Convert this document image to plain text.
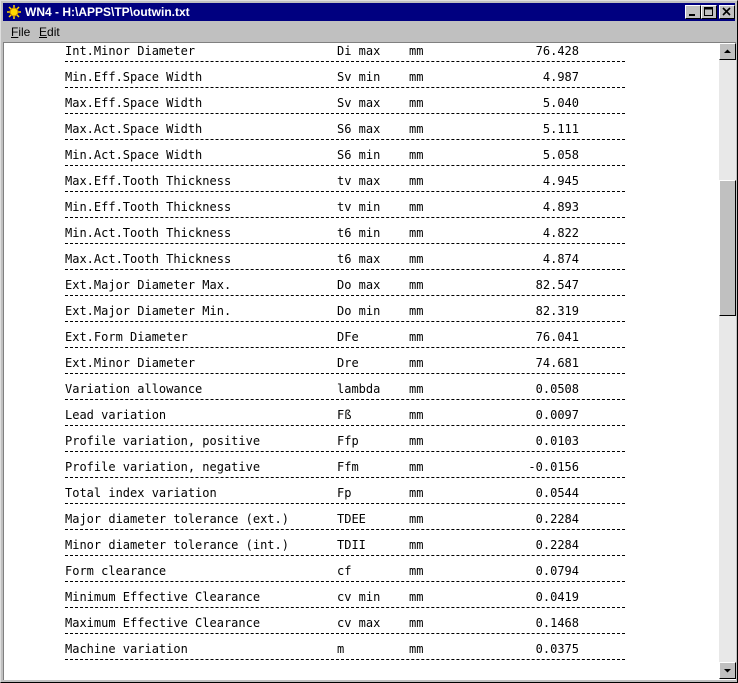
WN4 - H:\APPS\TP\outwin.txt
File Edit
Int.Minor Diameter	Di max mm	76.428
Min.Eff.Space Width	Sv min mm	4.987
Max.Eff.Space Width	Sv max mm	5.040
Max.Act.Space Width	S6 max mm	5.111
Min.Act.Space Width	S6 min mm	5.058
Max.Eff.Tooth Thickness	tv max mm	4.945
Min.Eff.Tooth Thickness	tv min mm	4.893
Min.Act.Tooth Thickness	t6 min mm	4.822
Max.Act.Tooth Thickness	t6 max mm	4.874
Ext.Major Diameter Max.	Do max mm	82.547
Ext.Major Diameter Min.	Do min mm	82.319
Ext.Form Diameter	DFe	mm	76.041
Ext.Minor Diameter	Dre	mm	74.681
Variation allowance	lambda mm	0.0508
Lead variation	Fß	mm	0.0097
Profile variation, positive	Ffp	mm	0.0103
Profile variation, negative	Ffm	mm	-0.0156
Total index variation	Fp	mm	0.0544
Major diameter tolerance (ext.)	TDEE	mm	0.2284
Minor diameter tolerance (int.)	TDII	mm	0.2284
Form clearance	cf	mm	0.0794
Minimum Effective Clearance	cv min mm	0.0419
Maximum Effective Clearance	cv max mm	0.1468
Machine variation	m	mm	0.0375
